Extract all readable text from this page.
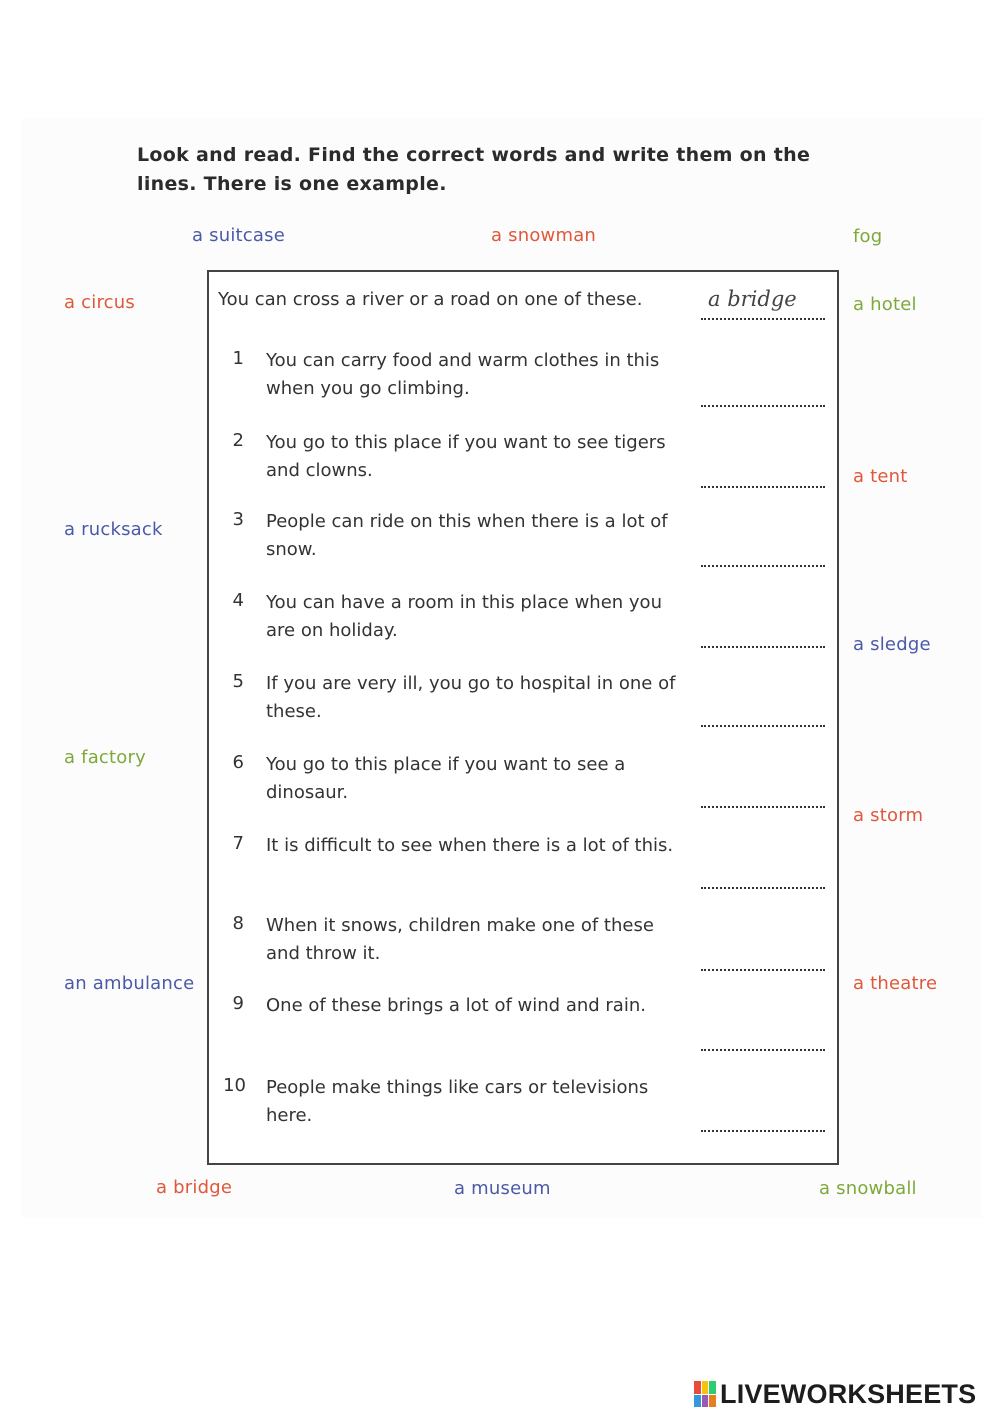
Look and read. Find the correct words and write them on the lines. There is one example.
a suitcase	a snowman	fog
a circus	a hotel
a tent
a rucksack
a sledge
a factory
a storm
an ambulance	a theatre
a bridge	a museum	a snowball
You can cross a river or a road on one of these.	a bridge
1 You can carry food and warm clothes in this when you go climbing.
2 You go to this place if you want to see tigers and clowns.
3 People can ride on this when there is a lot of snow.
4 You can have a room in this place when you are on holiday.
5 If you are very ill, you go to hospital in one of these.
6 You go to this place if you want to see a dinosaur.
7 It is difficult to see when there is a lot of this.
8 When it snows, children make one of these and throw it.
9 One of these brings a lot of wind and rain.
10 People make things like cars or televisions here.
LIVEWORKSHEETS
